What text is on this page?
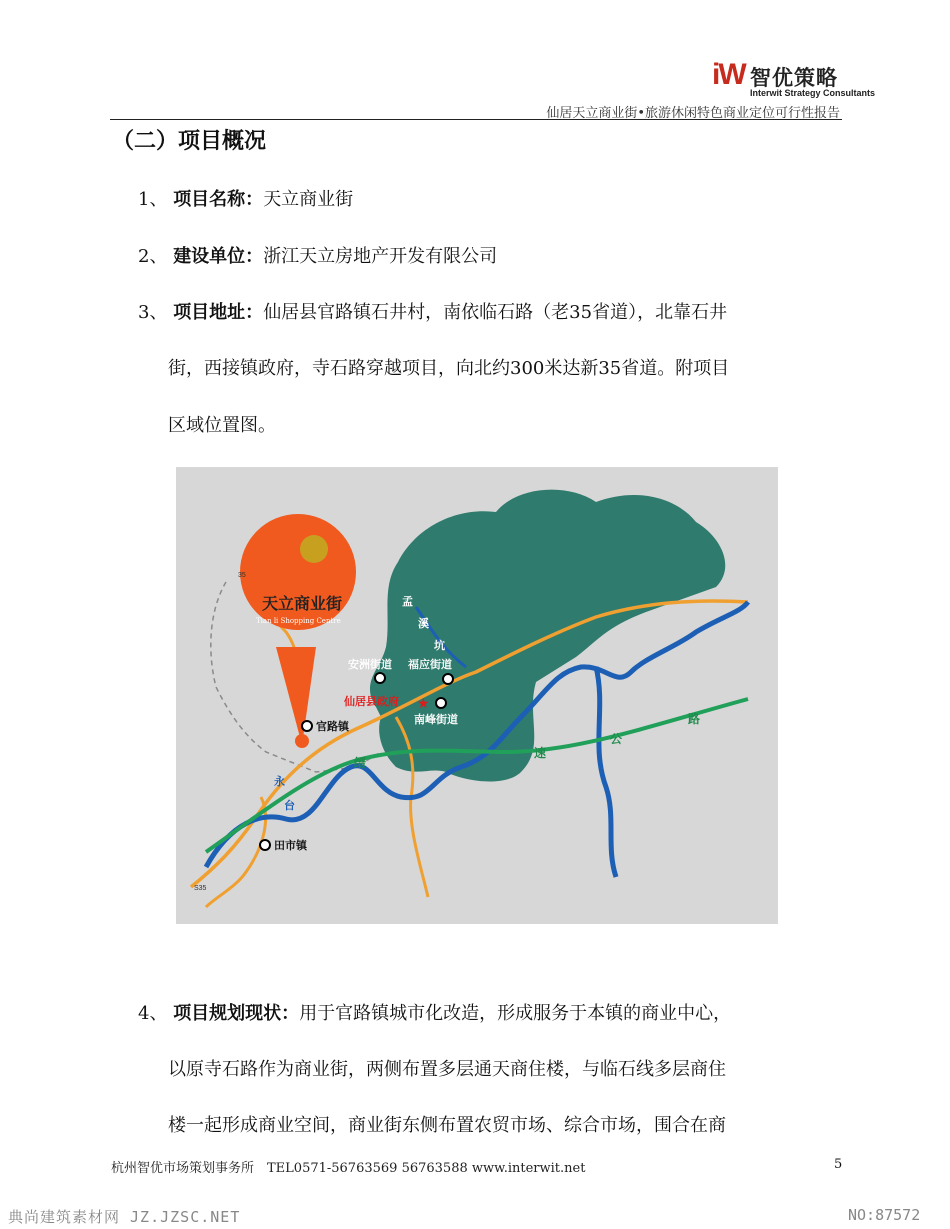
iW 智优策略
Interwit Strategy Consultants
仙居天立商业街•旅游休闲特色商业定位可行性报告
（二）项目概况
1、 项目名称：天立商业街
2、 建设单位：浙江天立房地产开发有限公司
3、 项目地址：仙居县官路镇石井村，南依临石路（老35省道），北靠石井
街，西接镇政府，寺石路穿越项目，向北约300米达新35省道。附项目
区域位置图。
天立商业街
Tian li Shopping Centre
安洲街道 福应街道
南峰街道
官路镇
田市镇
★
仙居县政府
孟
溪
坑
永
台
缙
速
公
路
35
S35
4、 项目规划现状：用于官路镇城市化改造，形成服务于本镇的商业中心，
以原寺石路作为商业街，两侧布置多层通天商住楼，与临石线多层商住
楼一起形成商业空间，商业街东侧布置农贸市场、综合市场，围合在商
杭州智优市场策划事务所　TEL0571-56763569 56763588 www.interwit.net	5
典尚建筑素材网 JZ.JZSC.NET	NO:87572
